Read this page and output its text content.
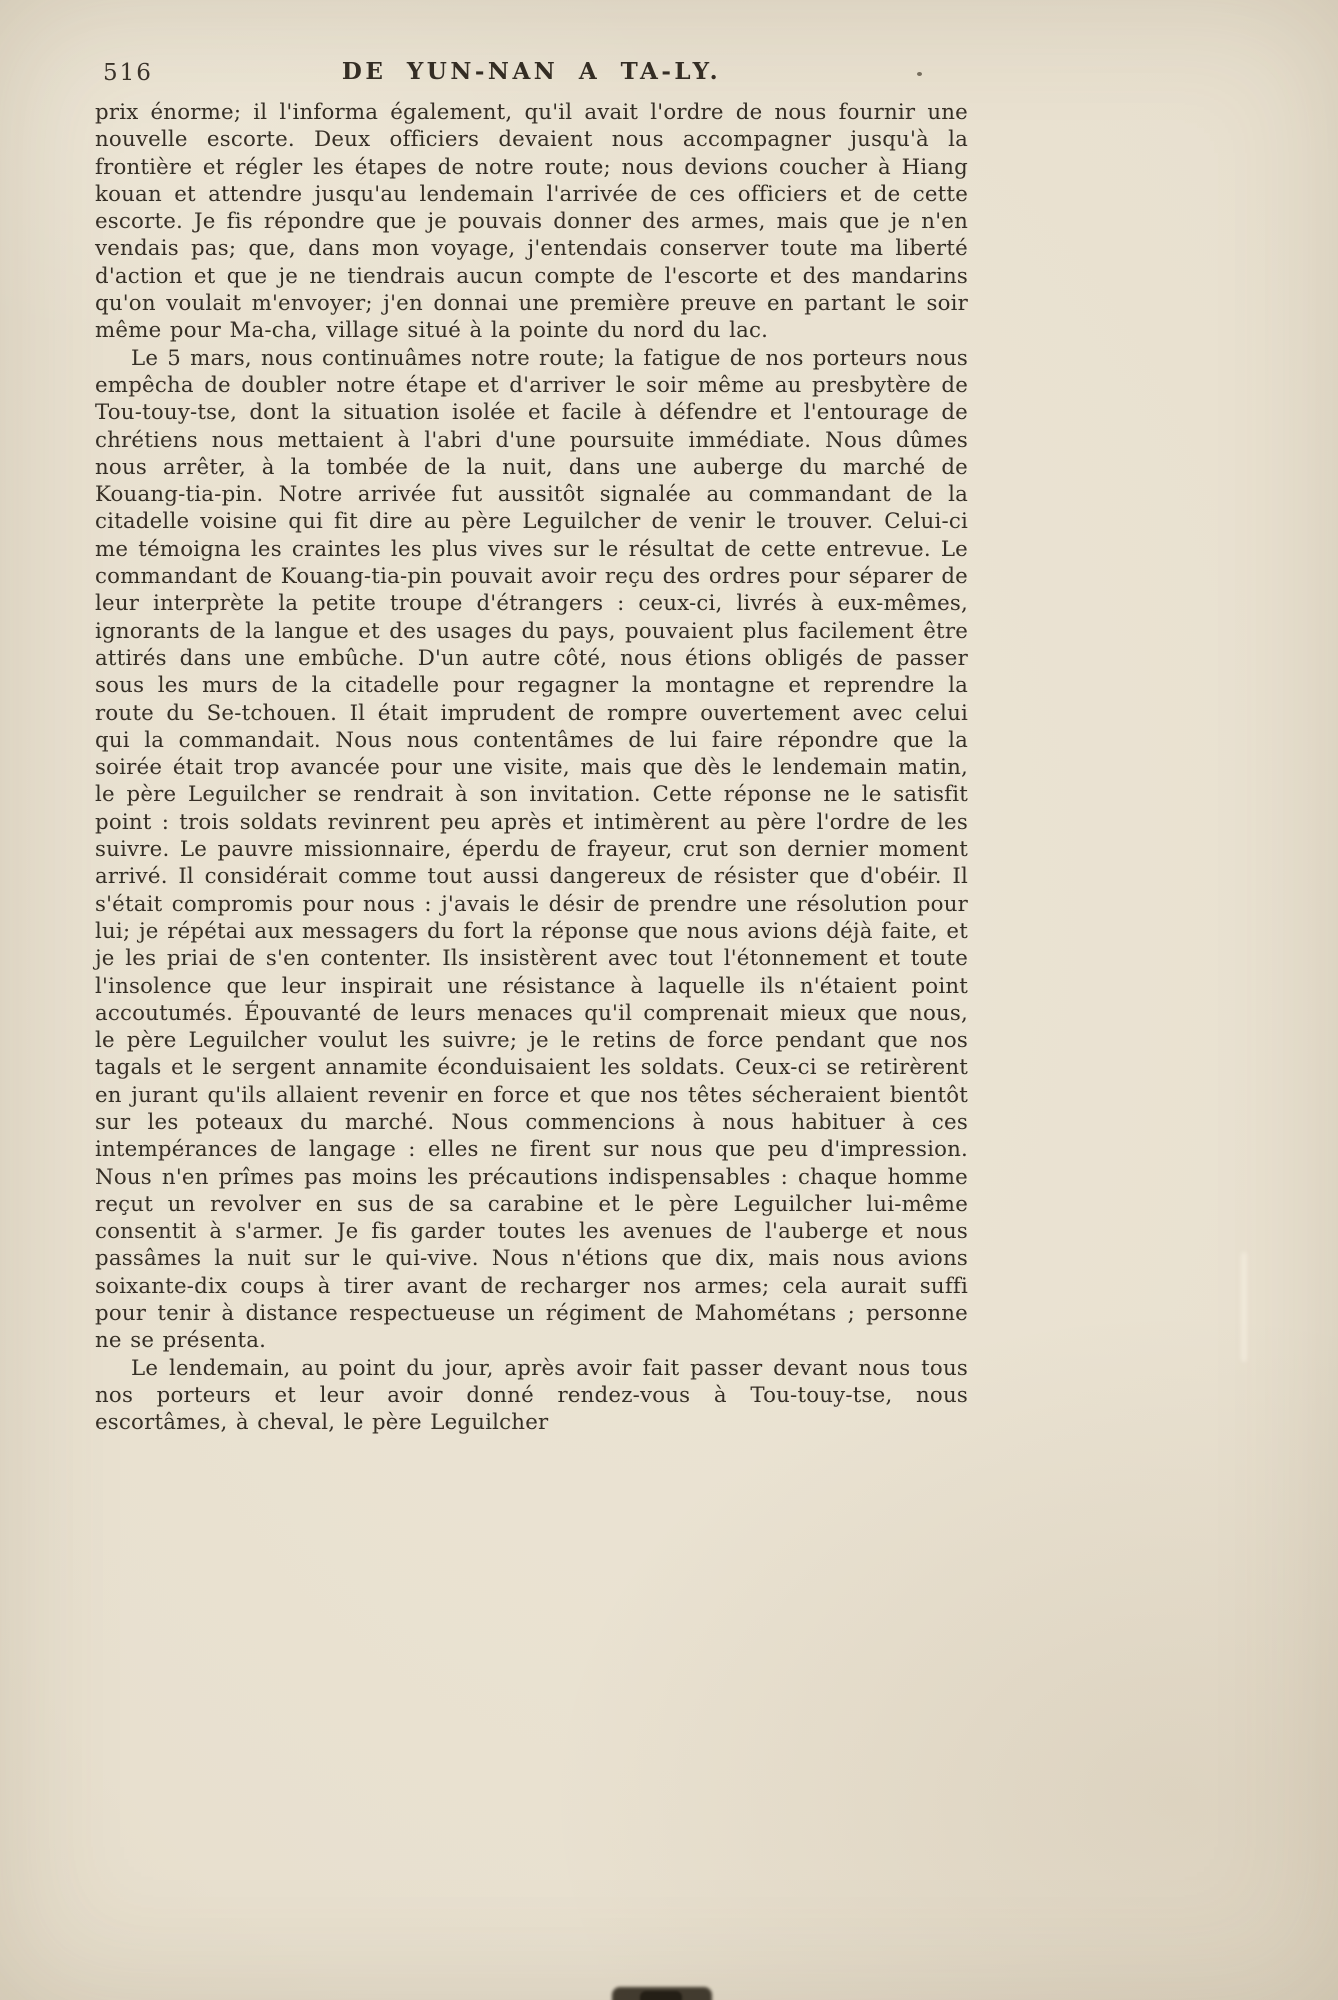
516	DE YUN-NAN A TA-LY.

prix énorme; il l'informa également, qu'il avait l'ordre de nous fournir une nouvelle escorte. Deux officiers devaient nous accompagner jusqu'à la frontière et régler les étapes de notre route; nous devions coucher à Hiang kouan et attendre jusqu'au lendemain l'arrivée de ces officiers et de cette escorte. Je fis répondre que je pouvais donner des armes, mais que je n'en vendais pas; que, dans mon voyage, j'entendais conserver toute ma liberté d'action et que je ne tiendrais aucun compte de l'escorte et des mandarins qu'on voulait m'envoyer; j'en donnai une première preuve en partant le soir même pour Ma-cha, village situé à la pointe du nord du lac.

Le 5 mars, nous continuâmes notre route; la fatigue de nos porteurs nous empêcha de doubler notre étape et d'arriver le soir même au presbytère de Tou-touy-tse, dont la situation isolée et facile à défendre et l'entourage de chrétiens nous mettaient à l'abri d'une poursuite immédiate. Nous dûmes nous arrêter, à la tombée de la nuit, dans une auberge du marché de Kouang-tia-pin. Notre arrivée fut aussitôt signalée au commandant de la citadelle voisine qui fit dire au père Leguilcher de venir le trouver. Celui-ci me témoigna les craintes les plus vives sur le résultat de cette entrevue. Le commandant de Kouang-tia-pin pouvait avoir reçu des ordres pour séparer de leur interprète la petite troupe d'étrangers : ceux-ci, livrés à eux-mêmes, ignorants de la langue et des usages du pays, pouvaient plus facilement être attirés dans une embûche. D'un autre côté, nous étions obligés de passer sous les murs de la citadelle pour regagner la montagne et reprendre la route du Se-tchouen. Il était imprudent de rompre ouvertement avec celui qui la commandait. Nous nous contentâmes de lui faire répondre que la soirée était trop avancée pour une visite, mais que dès le lendemain matin, le père Leguilcher se rendrait à son invitation. Cette réponse ne le satisfit point : trois soldats revinrent peu après et intimèrent au père l'ordre de les suivre. Le pauvre missionnaire, éperdu de frayeur, crut son dernier moment arrivé. Il considérait comme tout aussi dangereux de résister que d'obéir. Il s'était compromis pour nous : j'avais le désir de prendre une résolution pour lui; je répétai aux messagers du fort la réponse que nous avions déjà faite, et je les priai de s'en contenter. Ils insistèrent avec tout l'étonnement et toute l'insolence que leur inspirait une résistance à laquelle ils n'étaient point accoutumés. Épouvanté de leurs menaces qu'il comprenait mieux que nous, le père Leguilcher voulut les suivre; je le retins de force pendant que nos tagals et le sergent annamite éconduisaient les soldats. Ceux-ci se retirèrent en jurant qu'ils allaient revenir en force et que nos têtes sécheraient bientôt sur les poteaux du marché. Nous commencions à nous habituer à ces intempérances de langage : elles ne firent sur nous que peu d'impression. Nous n'en prîmes pas moins les précautions indispensables : chaque homme reçut un revolver en sus de sa carabine et le père Leguilcher lui-même consentit à s'armer. Je fis garder toutes les avenues de l'auberge et nous passâmes la nuit sur le qui-vive. Nous n'étions que dix, mais nous avions soixante-dix coups à tirer avant de recharger nos armes; cela aurait suffi pour tenir à distance respectueuse un régiment de Mahométans ; personne ne se présenta.

Le lendemain, au point du jour, après avoir fait passer devant nous tous nos porteurs et leur avoir donné rendez-vous à Tou-touy-tse, nous escortâmes, à cheval, le père Leguilcher
